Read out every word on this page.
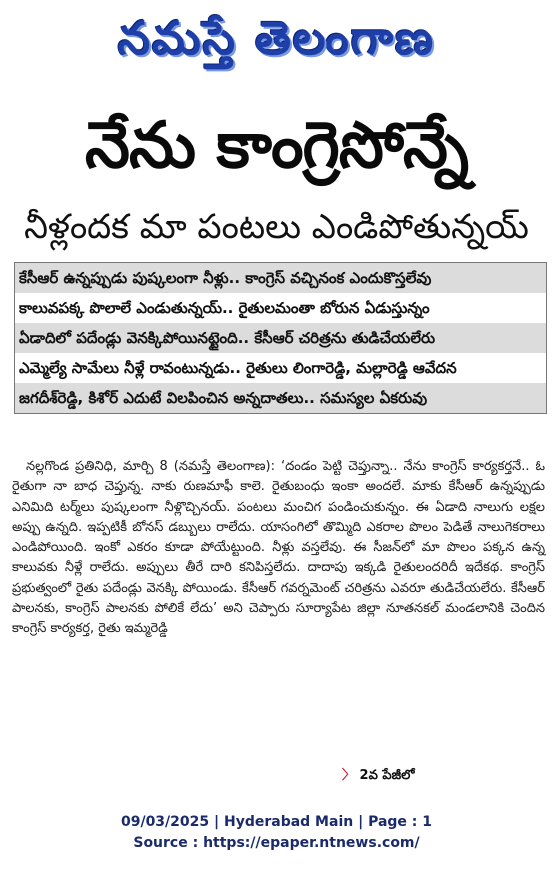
నమస్తే తెలంగాణ
నేను కాంగ్రెసోన్నే
నీళ్లందక మా పంటలు ఎండిపోతున్నయ్
కేసీఆర్ ఉన్నప్పుడు పుష్కలంగా నీళ్లు.. కాంగ్రెస్ వచ్చినంక ఎందుకొస్తలేవు
కాలువపక్క పొలాలే ఎండుతున్నయ్.. రైతులమంతా బోరున ఏడుస్తున్నం
ఏడాదిలో పదేండ్లు వెనక్కిపోయినట్టైంది.. కేసీఆర్ చరిత్రను తుడిచేయలేరు
ఎమ్మెల్యే సామేలు నీళ్లే రావంటున్నడు.. రైతులు లింగారెడ్డి, మల్లారెడ్డి ఆవేదన
జగదీశ్‌రెడ్డి, కిశోర్ ఎదుటే విలపించిన అన్నదాతలు.. సమస్యల ఏకరువు
నల్లగొండ ప్రతినిధి, మార్చి 8 (నమస్తే తెలంగాణ): ‘దండం పెట్టి చెప్తున్నా.. నేను కాంగ్రెస్ కార్యకర్తనే.. ఓ రైతుగా నా బాధ చెప్తున్న. నాకు రుణమాఫీ కాలె. రైతుబంధు ఇంకా అందలే. మాకు కేసీఆర్ ఉన్నప్పుడు ఎనిమిది టర్మ్‌లు పుష్కలంగా నీళ్లొచ్చినయ్. పంటలు మంచిగ పండించుకున్నం. ఈ ఏడాది నాలుగు లక్షల అప్పు ఉన్నది. ఇప్పటికీ బోనస్ డబ్బులు రాలేదు. యాసంగిలో తొమ్మిది ఎకరాల పొలం పెడితే నాలుగెకరాలు ఎండిపోయింది. ఇంకో ఎకరం కూడా పోయేట్టుంది. నీళ్లు వస్తలేవు. ఈ సీజన్‌లో మా పొలం పక్కన ఉన్న కాలువకు నీళ్లే రాలేదు. అప్పులు తీరే దారి కనిపిస్తలేదు. దాదాపు ఇక్కడి రైతులందరిదీ ఇదేకథ. కాంగ్రెస్ ప్రభుత్వంలో రైతు పదేండ్లు వెనక్కి పోయిండు. కేసీఆర్ గవర్నమెంట్ చరిత్రను ఎవరూ తుడిచేయలేరు. కేసీఆర్ పాలనకు, కాంగ్రెస్ పాలనకు పోలికే లేదు’ అని చెప్పారు సూర్యాపేట జిల్లా నూతనకల్ మండలానికి చెందిన కాంగ్రెస్ కార్యకర్త, రైతు ఇమ్మరెడ్డి
〉 2వ పేజీలో
09/03/2025 | Hyderabad Main | Page : 1
Source : https://epaper.ntnews.com/
